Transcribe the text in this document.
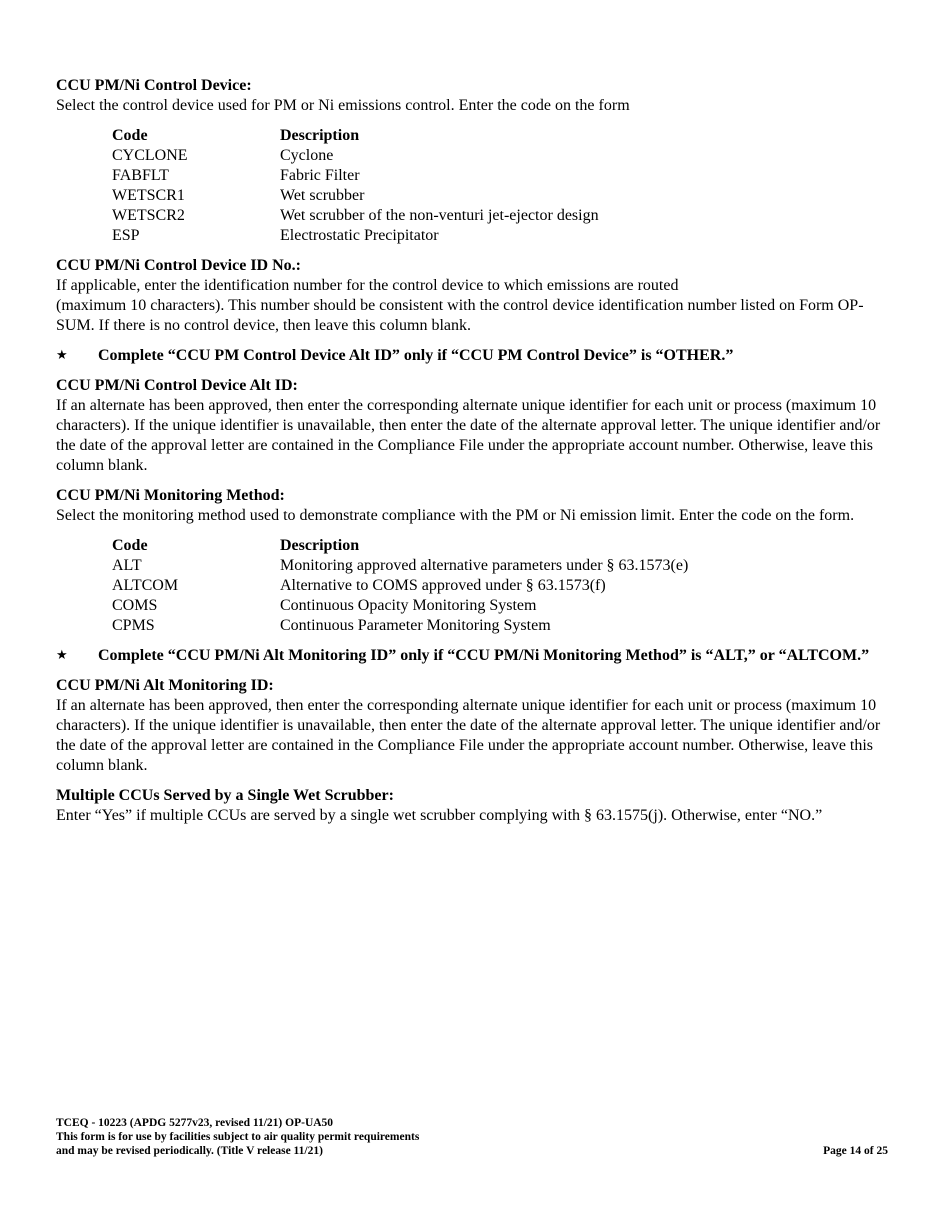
CCU PM/Ni Control Device:

Select the control device used for PM or Ni emissions control. Enter the code on the form

Code	Description
CYCLONE	Cyclone
FABFLT	Fabric Filter
WETSCR1	Wet scrubber
WETSCR2	Wet scrubber of the non-venturi jet-ejector design
ESP	Electrostatic Precipitator

CCU PM/Ni Control Device ID No.:

If applicable, enter the identification number for the control device to which emissions are routed

(maximum 10 characters). This number should be consistent with the control device identification number listed on Form OP-SUM. If there is no control device, then leave this column blank.

★	Complete “CCU PM Control Device Alt ID” only if “CCU PM Control Device” is “OTHER.”

CCU PM/Ni Control Device Alt ID:

If an alternate has been approved, then enter the corresponding alternate unique identifier for each unit or process (maximum 10 characters). If the unique identifier is unavailable, then enter the date of the alternate approval letter. The unique identifier and/or the date of the approval letter are contained in the Compliance File under the appropriate account number. Otherwise, leave this column blank.

CCU PM/Ni Monitoring Method:

Select the monitoring method used to demonstrate compliance with the PM or Ni emission limit. Enter the code on the form.

Code	Description
ALT	Monitoring approved alternative parameters under § 63.1573(e)
ALTCOM	Alternative to COMS approved under § 63.1573(f)
COMS	Continuous Opacity Monitoring System
CPMS	Continuous Parameter Monitoring System
★	Complete “CCU PM/Ni Alt Monitoring ID” only if “CCU PM/Ni Monitoring Method” is “ALT,” or “ALTCOM.”

CCU PM/Ni Alt Monitoring ID:

If an alternate has been approved, then enter the corresponding alternate unique identifier for each unit or process (maximum 10 characters). If the unique identifier is unavailable, then enter the date of the alternate approval letter. The unique identifier and/or the date of the approval letter are contained in the Compliance File under the appropriate account number. Otherwise, leave this column blank.

Multiple CCUs Served by a Single Wet Scrubber:

Enter “Yes” if multiple CCUs are served by a single wet scrubber complying with § 63.1575(j). Otherwise, enter “NO.”

TCEQ - 10223 (APDG 5277v23, revised 11/21) OP-UA50
This form is for use by facilities subject to air quality permit requirements
and may be revised periodically. (Title V release 11/21)	Page 14 of 25
